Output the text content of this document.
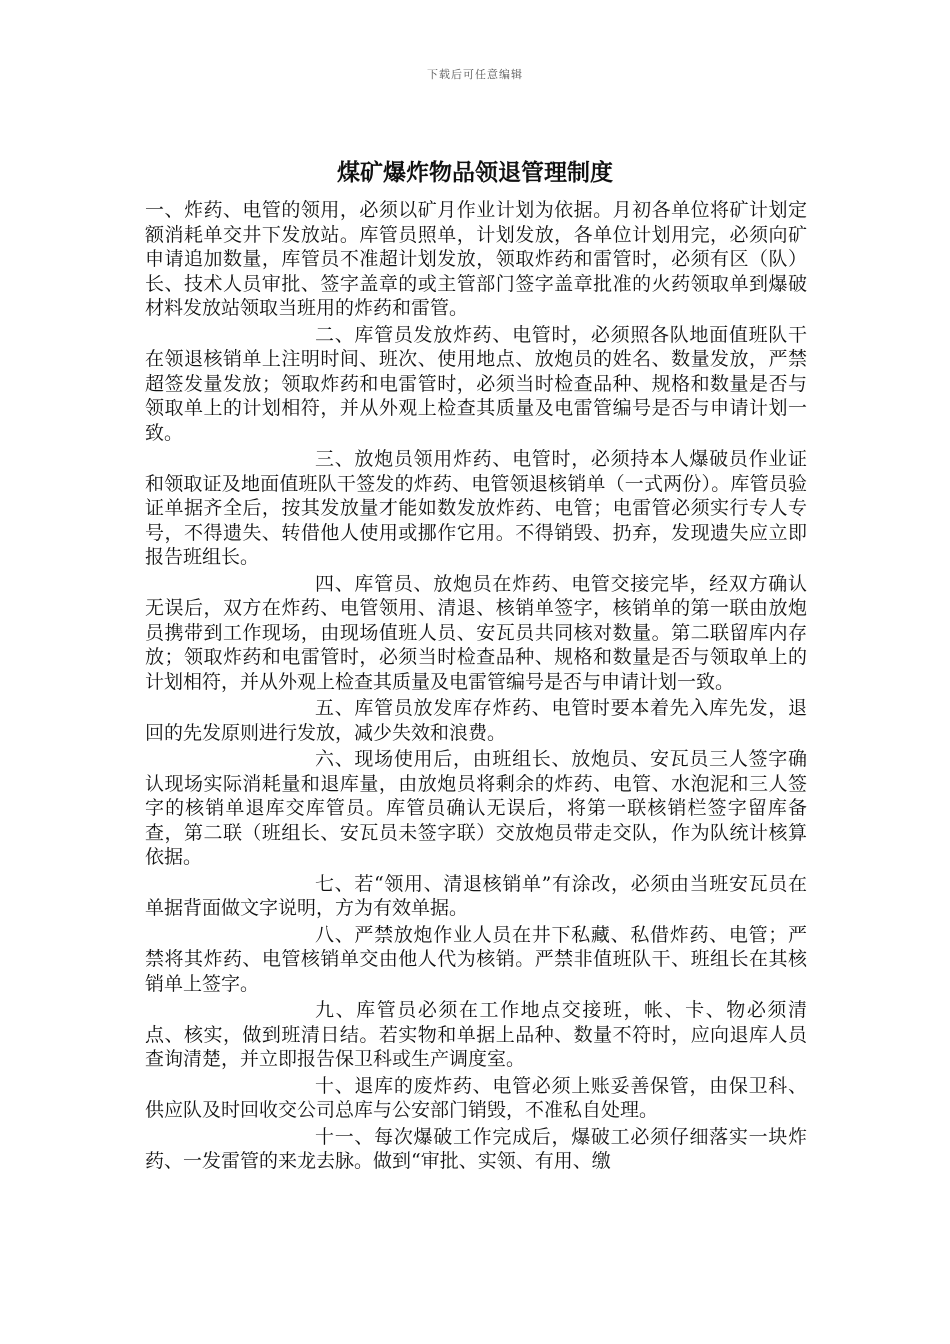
下载后可任意编辑
煤矿爆炸物品领退管理制度

一、炸药、电管的领用，必须以矿月作业计划为依据。月初各单位将矿计划定额消耗单交井下发放站。库管员照单，计划发放，各单位计划用完，必须向矿申请追加数量，库管员不准超计划发放，领取炸药和雷管时，必须有区（队） 长、技术人员审批、签字盖章的或主管部门签字盖章批准的火药领取单到爆破材料发放站领取当班用的炸药和雷管。

二、库管员发放炸药、电管时，必须照各队地面值班队干在领退核销单上注明时间、班次、使用地点、放炮员的姓名、数量发放，严禁超签发量发放；领取炸药和电雷管时，必须当时检查品种、规格和数量是否与领取单上的计划相符，并从外观上检查其质量及电雷管编号是否与申请计划一致。

三、放炮员领用炸药、电管时，必须持本人爆破员作业证和领取证及地面值班队干签发的炸药、电管领退核销单（一式两份）。库管员验证单据齐全后，按其发放量才能如数发放炸药、电管；电雷管必须实行专人专号，不得遗失、转借他人使用或挪作它用。不得销毁、扔弃，发现遗失应立即报告班组长。

四、库管员、放炮员在炸药、电管交接完毕，经双方确认无误后，双方在炸药、电管领用、清退、核销单签字，核销单的第一联由放炮员携带到工作现场，由现场值班人员、安瓦员共同核对数量。第二联留库内存放；领取炸药和电雷管时，必须当时检查品种、规格和数量是否与领取单上的计划相符，并从外观上检查其质量及电雷管编号是否与申请计划一致。

五、库管员放发库存炸药、电管时要本着先入库先发，退回的先发原则进行发放，减少失效和浪费。

六、现场使用后，由班组长、放炮员、安瓦员三人签字确认现场实际消耗量和退库量，由放炮员将剩余的炸药、电管、水泡泥和三人签字的核销单退库交库管员。库管员确认无误后，将第一联核销栏签字留库备查，第二联（班组长、安瓦员未签字联）交放炮员带走交队，作为队统计核算依据。

七、若“领用、清退核销单”有涂改，必须由当班安瓦员在单据背面做文字说明，方为有效单据。

八、严禁放炮作业人员在井下私藏、私借炸药、电管；严禁将其炸药、电管核销单交由他人代为核销。严禁非值班队干、班组长在其核销单上签字。

九、库管员必须在工作地点交接班，帐、卡、物必须清点、核实，做到班清日结。若实物和单据上品种、数量不符时，应向退库人员查询清楚，并立即报告保卫科或生产调度室。

十、退库的废炸药、电管必须上账妥善保管，由保卫科、供应队及时回收交公司总库与公安部门销毁，不准私自处理。

十一、每次爆破工作完成后，爆破工必须仔细落实一块炸药、一发雷管的来龙去脉。做到“审批、实领、有用、缴
